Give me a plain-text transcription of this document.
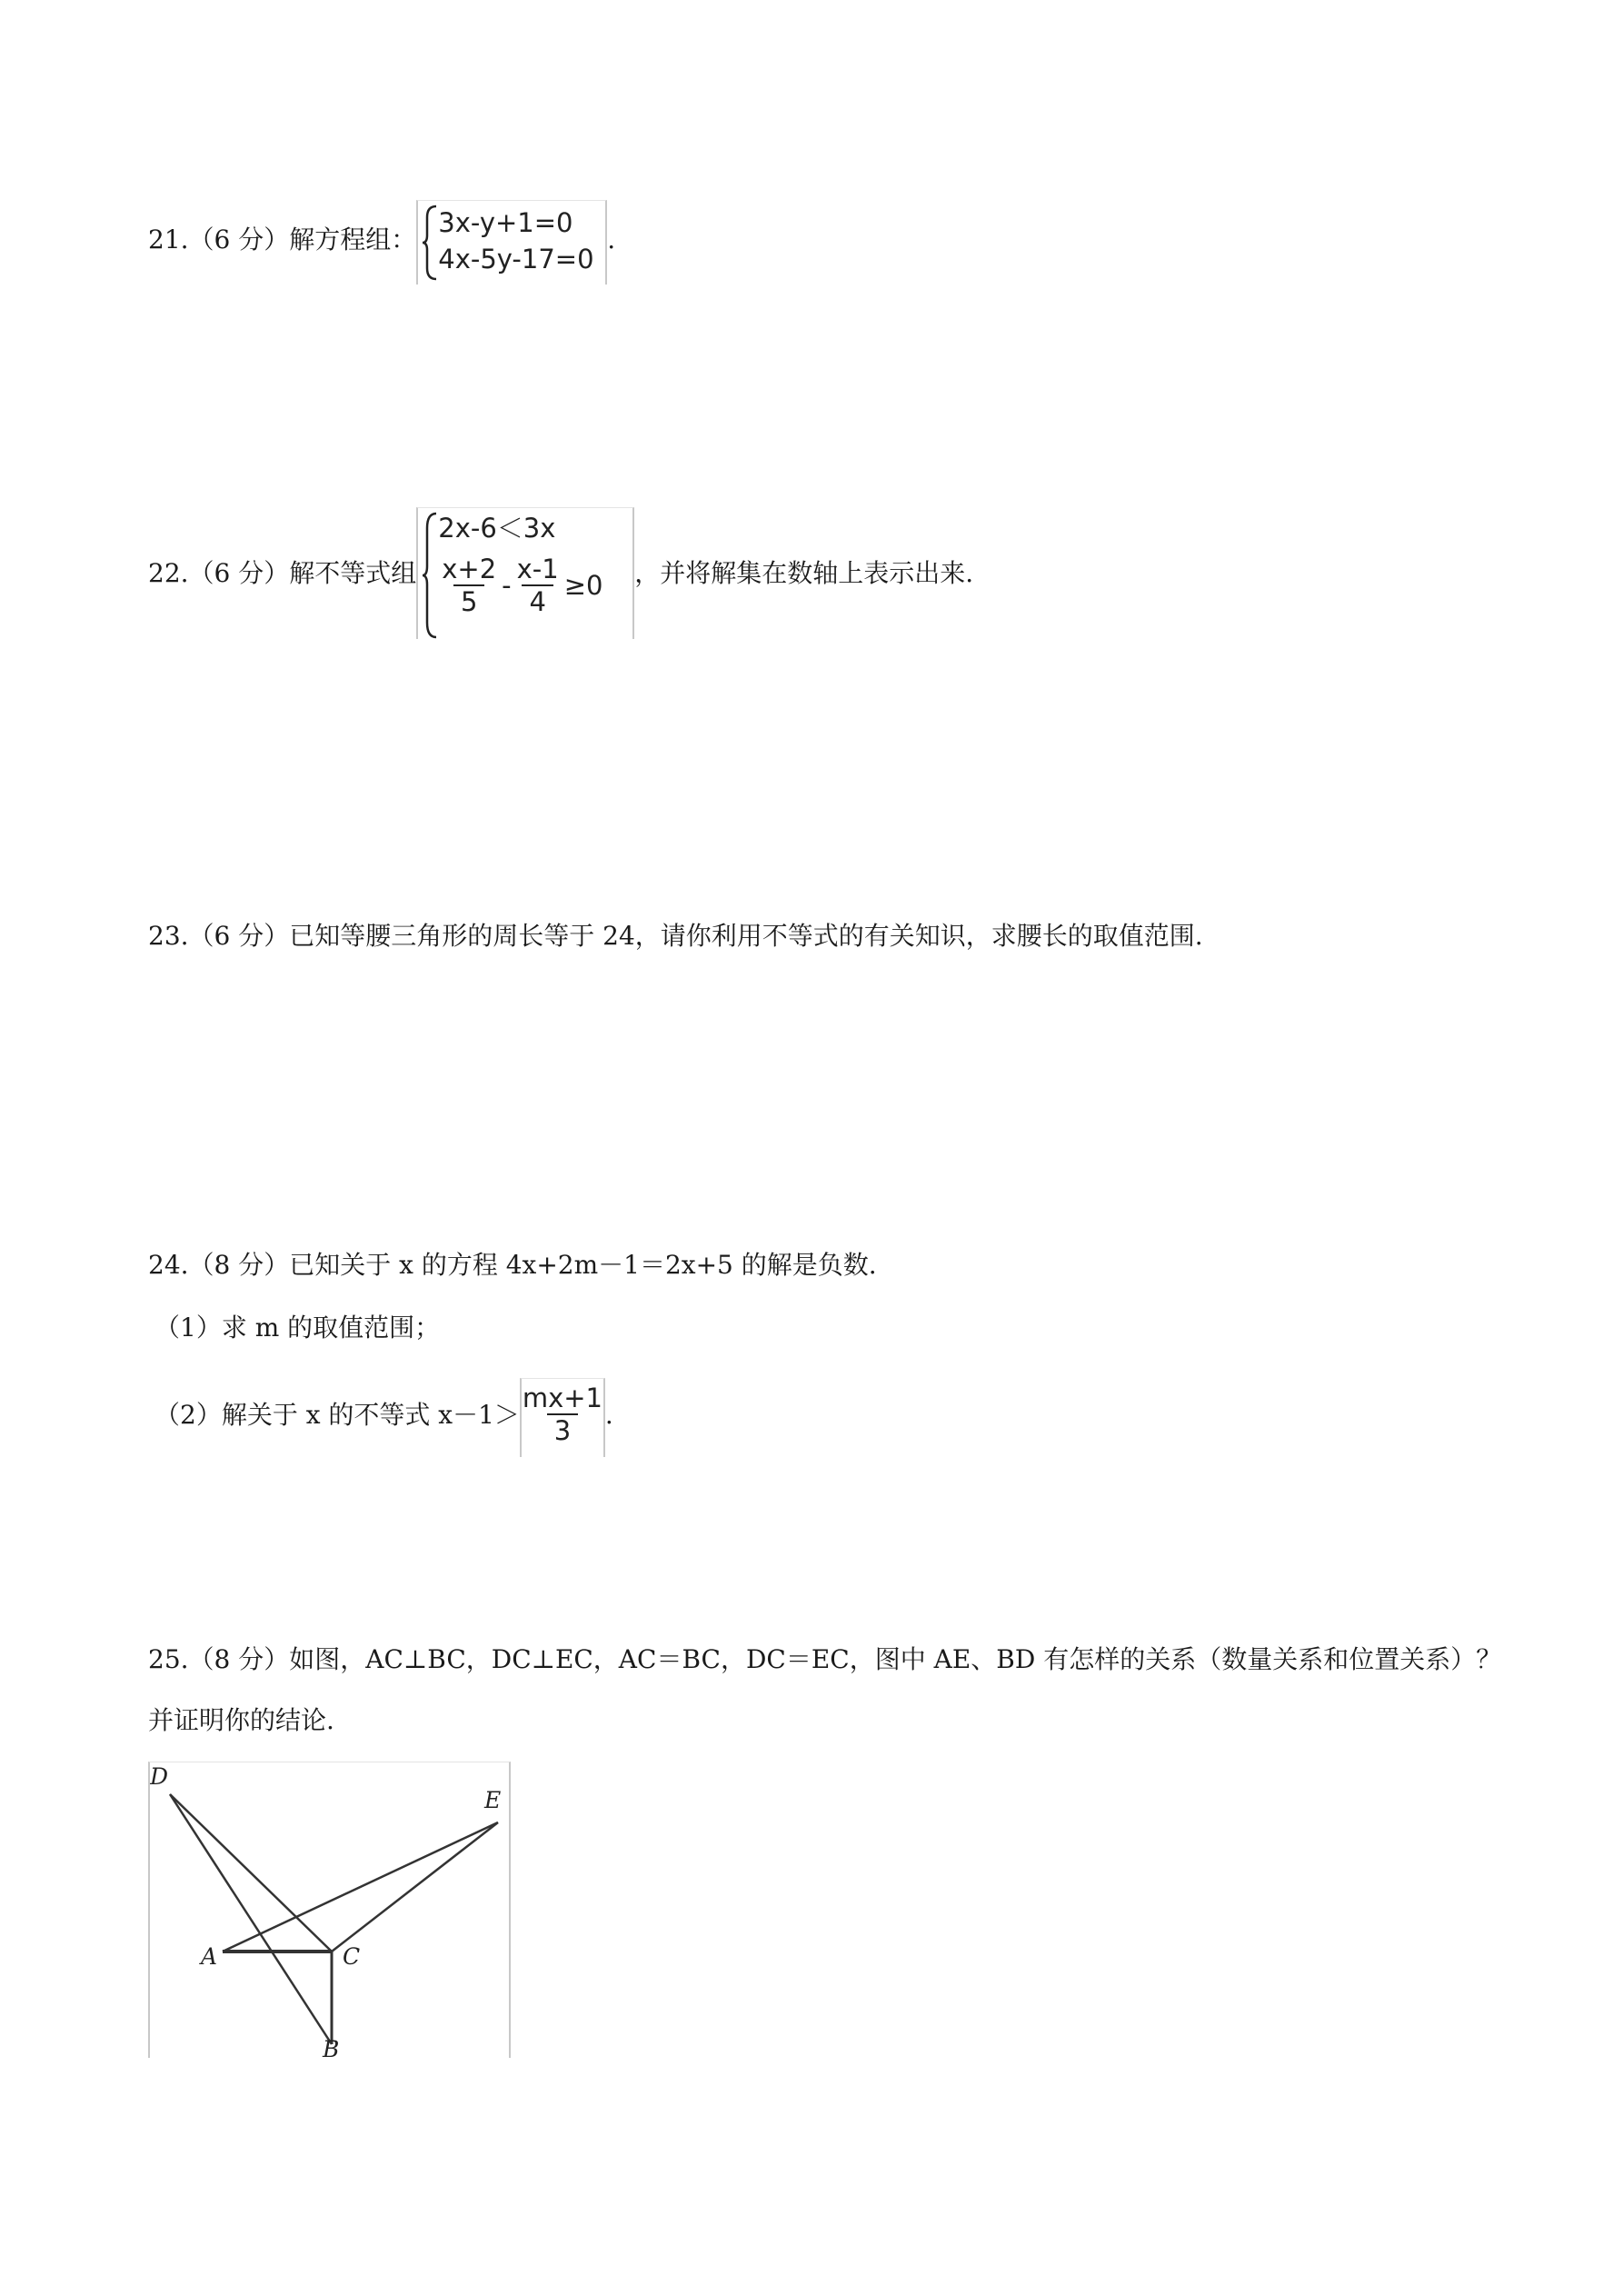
21.（6 分）解方程组：
3x-y+1=0
4x-5y-17=0
.
22.（6 分）解不等式组
2x-6＜3x
$\frac{x+2}{5} - \frac{x-1}{4} \ge 0$ ，并将解集在数轴上表示出来.
23.（6 分）已知等腰三角形的周长等于 24，请你利用不等式的有关知识，求腰长的取值范围.
24.（8 分）已知关于 x 的方程 4x+2m－1＝2x+5 的解是负数.
（1）求 m 的取值范围；
（2）解关于 x 的不等式 x－1＞
$\frac{mx+1}{3}$
.
25.（8 分）如图，AC⊥BC，DC⊥EC，AC＝BC，DC＝EC，图中 AE、BD 有怎样的关系（数量关系和位置关系）？
并证明你的结论.
D
E
A	C
B
